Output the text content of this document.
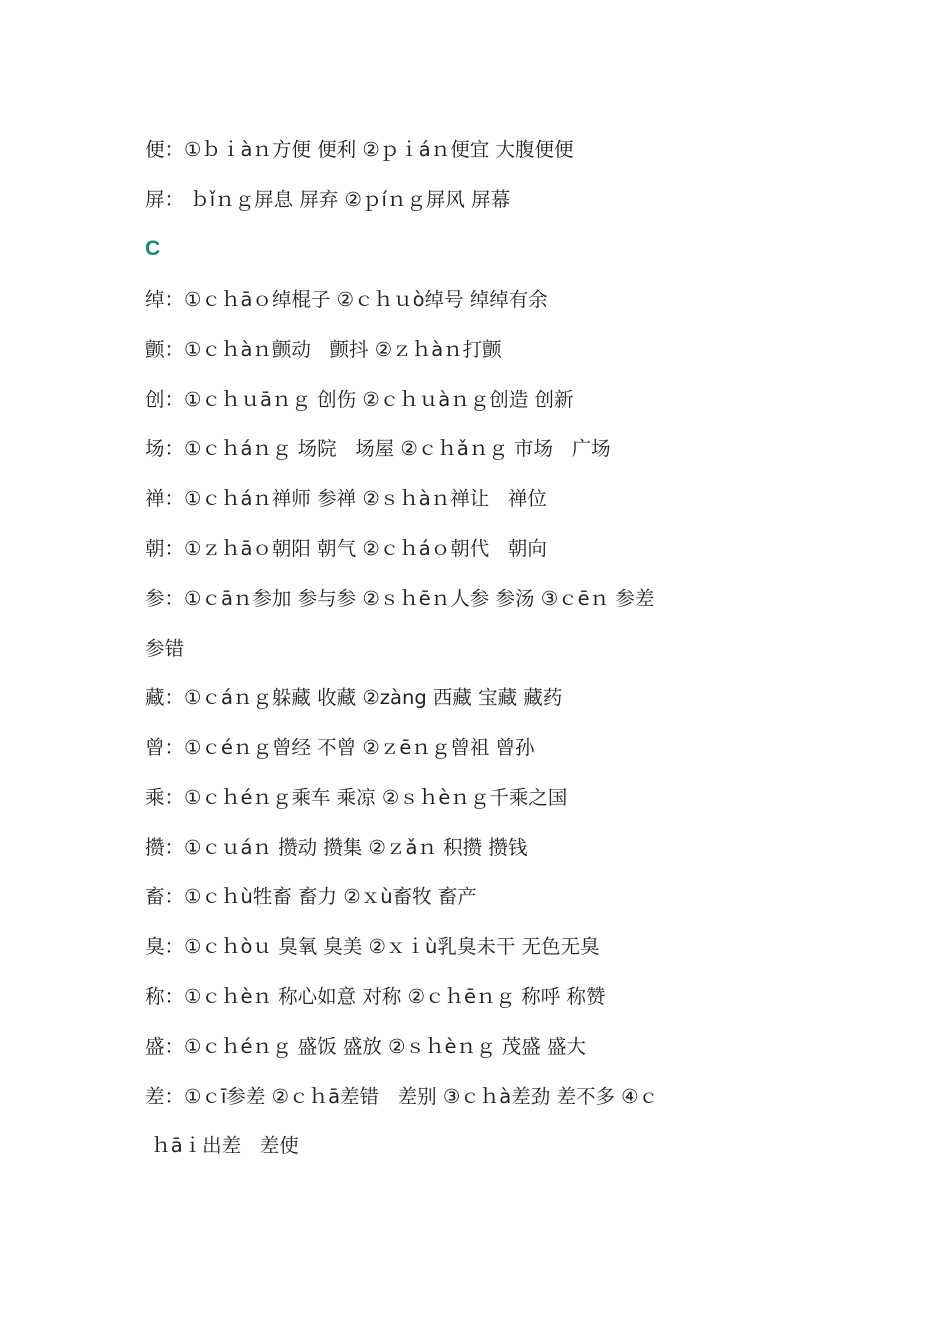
便：①ｂｉàｎ方便 便利 ②ｐｉáｎ便宜 大腹便便
屏： ｂǐｎｇ屏息 屏弃 ②ｐíｎｇ屏风 屏幕
C
绰：①ｃｈāｏ绰棍子 ②ｃｈｕò绰号 绰绰有余
颤：①ｃｈàｎ颤动   颤抖 ②ｚｈàｎ打颤
创：①ｃｈｕāｎｇ 创伤 ②ｃｈｕàｎｇ创造 创新
场：①ｃｈáｎｇ 场院   场屋 ②ｃｈǎｎｇ 市场   广场
禅：①ｃｈáｎ禅师 参禅 ②ｓｈàｎ禅让   禅位
朝：①ｚｈāｏ朝阳 朝气 ②ｃｈáｏ朝代   朝向
参：①ｃāｎ参加 参与参 ②ｓｈēｎ人参 参汤 ③ｃēｎ 参差
参错
藏：①ｃáｎｇ躲藏 收藏 ②zàng 西藏 宝藏 藏药
曾：①ｃéｎｇ曾经 不曾 ②ｚēｎｇ曾祖 曾孙
乘：①ｃｈéｎｇ乘车 乘凉 ②ｓｈèｎｇ千乘之国
攒：①ｃｕáｎ 攒动 攒集 ②ｚǎｎ 积攒 攒钱
畜：①ｃｈù牲畜 畜力 ②ｘù畜牧 畜产
臭：①ｃｈòｕ 臭氧 臭美 ②ｘｉù乳臭未干 无色无臭
称：①ｃｈèｎ 称心如意 对称 ②ｃｈēｎｇ 称呼 称赞
盛：①ｃｈéｎｇ 盛饭 盛放 ②ｓｈèｎｇ 茂盛 盛大
差：①ｃī参差 ②ｃｈā差错   差别 ③ｃｈà差劲 差不多 ④ｃ
ｈāｉ出差   差使
